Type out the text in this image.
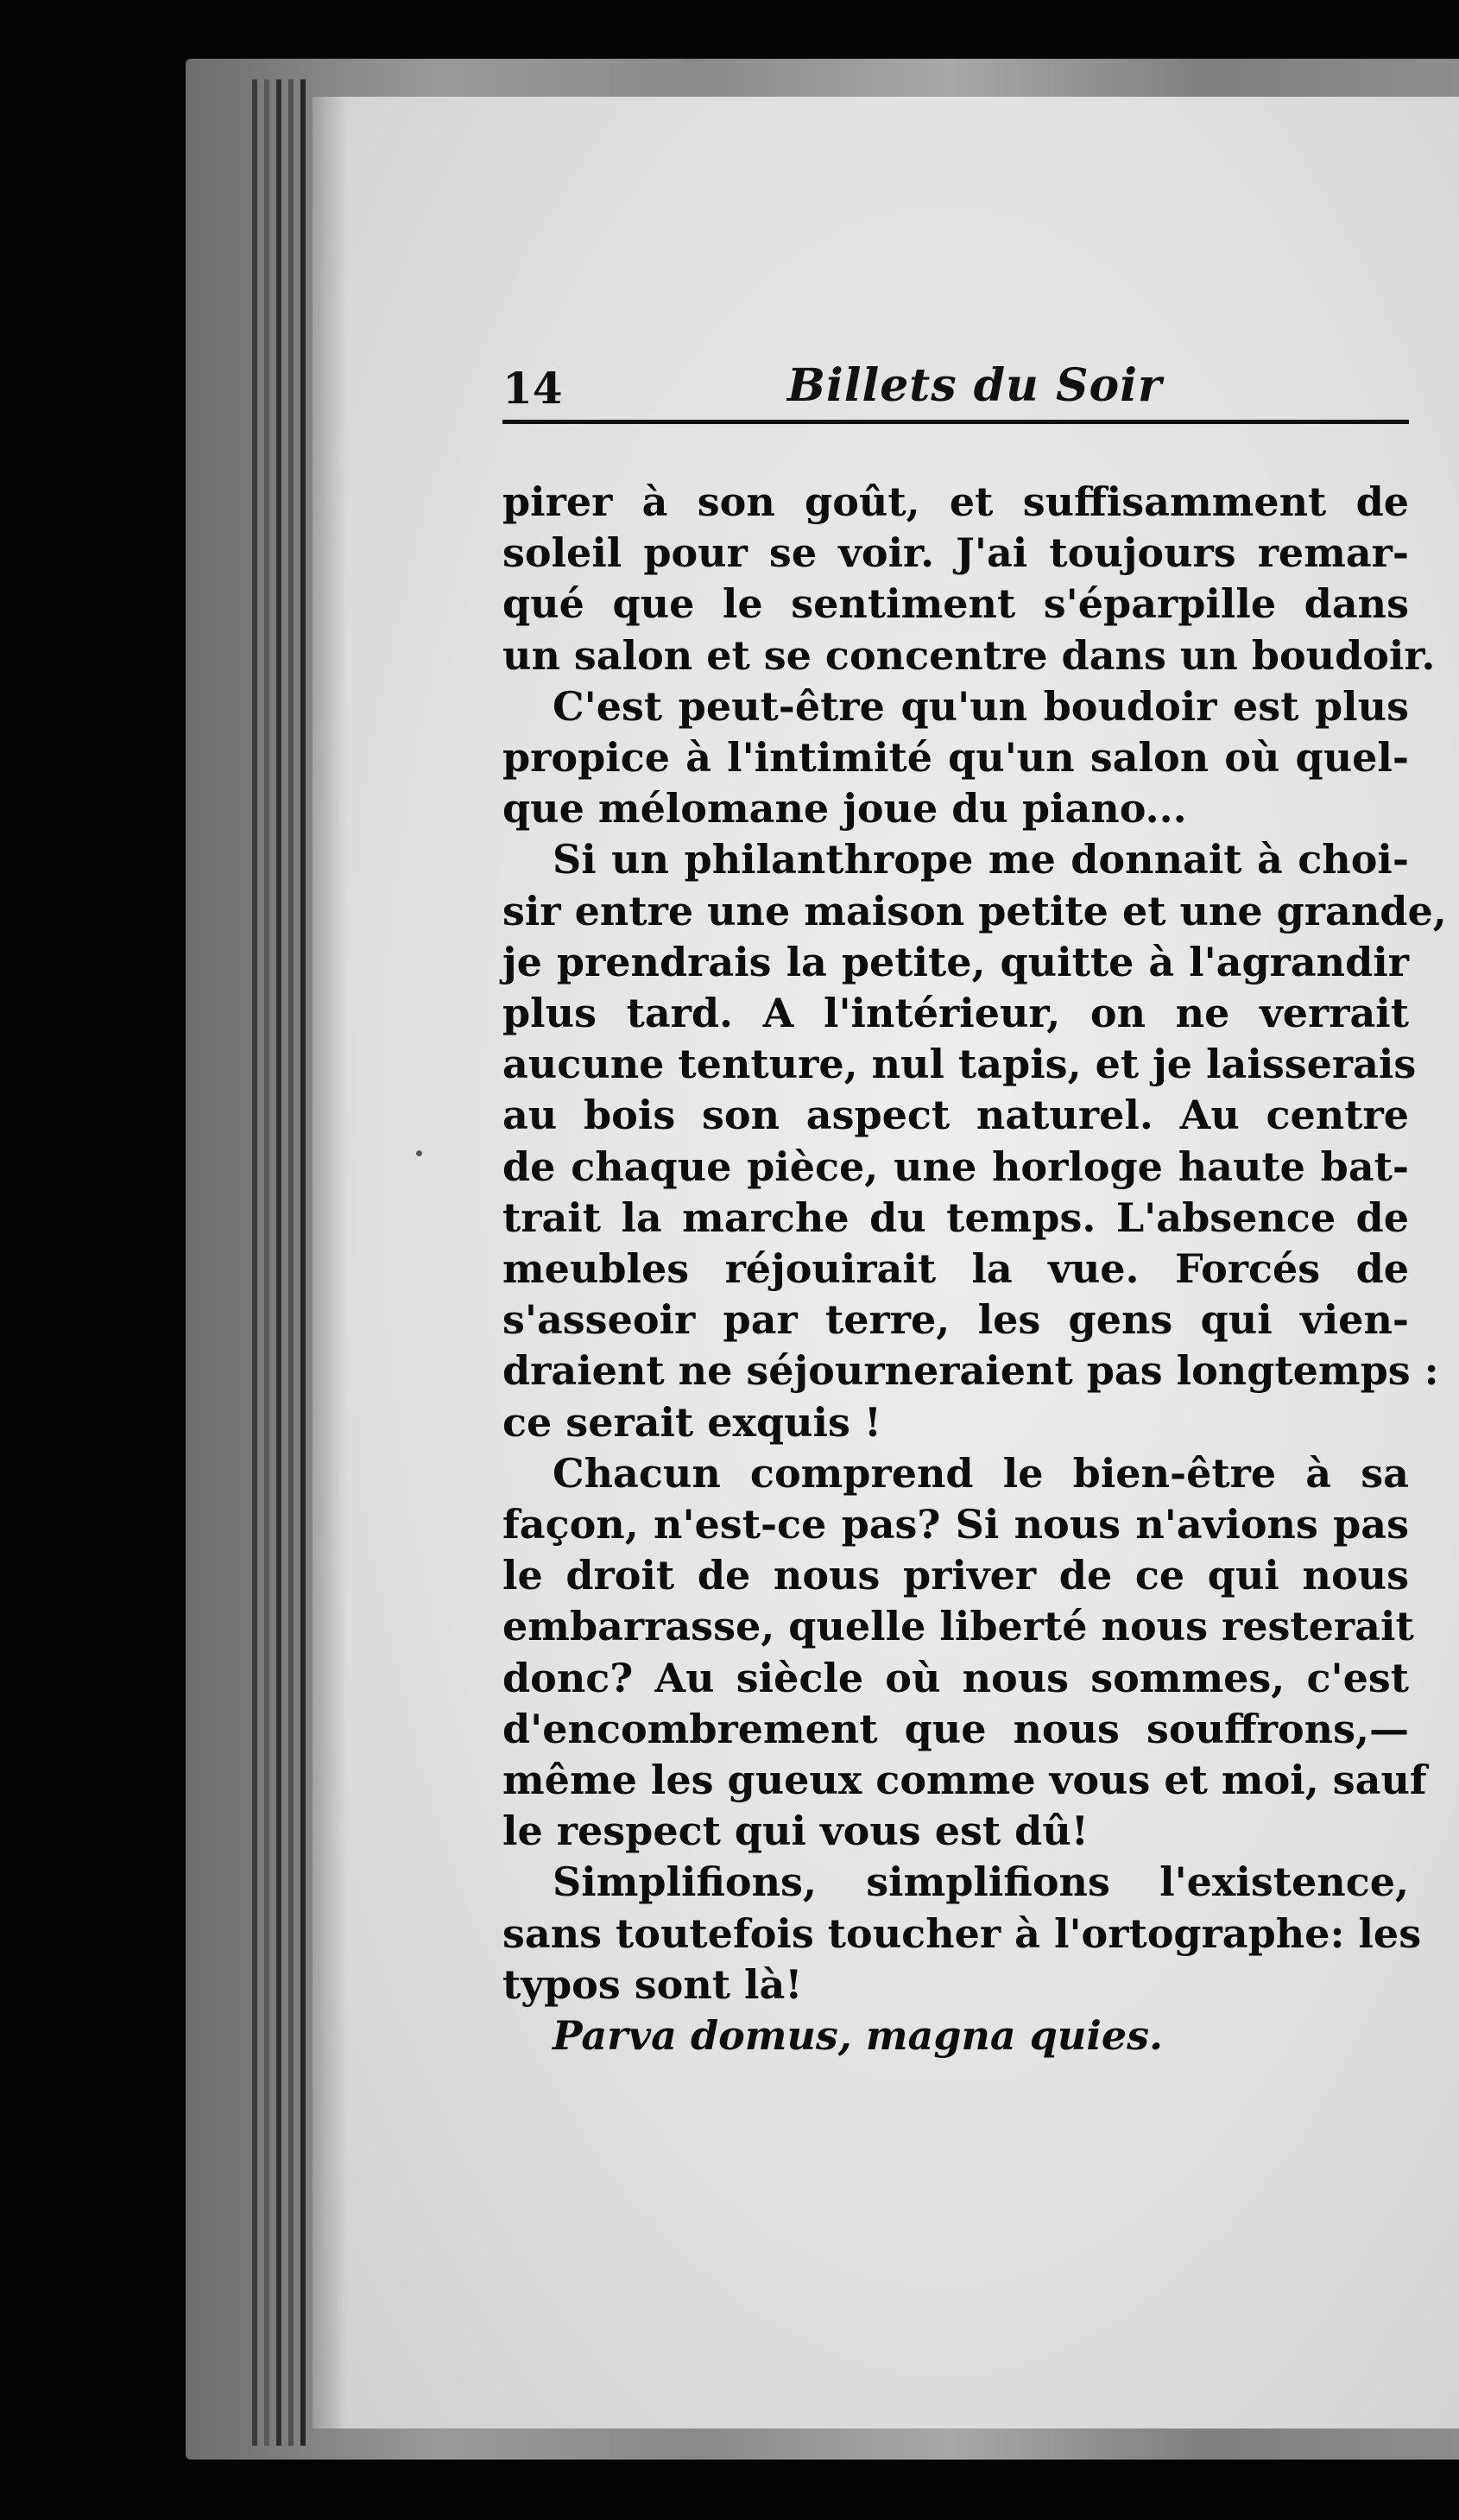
14	Billets du Soir
pirer à son goût, et suffisamment de
soleil pour se voir. J'ai toujours remar-
qué que le sentiment s'éparpille dans
un salon et se concentre dans un boudoir.
C'est peut-être qu'un boudoir est plus
propice à l'intimité qu'un salon où quel-
que mélomane joue du piano...
Si un philanthrope me donnait à choi-
sir entre une maison petite et une grande,
je prendrais la petite, quitte à l'agrandir
plus tard. A l'intérieur, on ne verrait
aucune tenture, nul tapis, et je laisserais
au bois son aspect naturel. Au centre
de chaque pièce, une horloge haute bat-
trait la marche du temps. L'absence de
meubles réjouirait la vue. Forcés de
s'asseoir par terre, les gens qui vien-
draient ne séjourneraient pas longtemps :
ce serait exquis !
Chacun comprend le bien-être à sa
façon, n'est-ce pas? Si nous n'avions pas
le droit de nous priver de ce qui nous
embarrasse, quelle liberté nous resterait
donc? Au siècle où nous sommes, c'est
d'encombrement que nous souffrons,—
même les gueux comme vous et moi, sauf
le respect qui vous est dû!
Simplifions, simplifions l'existence,
sans toutefois toucher à l'ortographe: les
typos sont là!
Parva domus, magna quies.
